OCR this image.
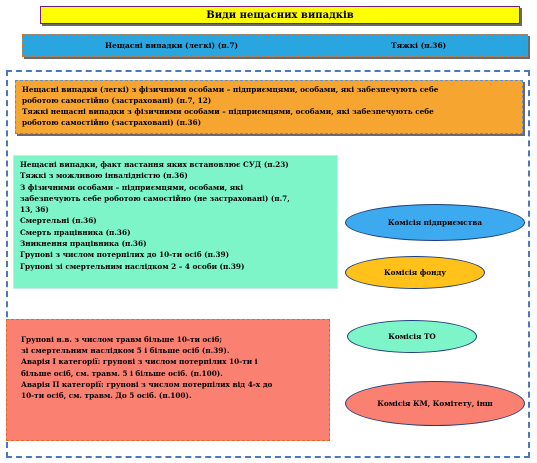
Види нещасних випадків
Нещасні випадки (легкі) (п.7)	Тяжкі (п.36)
Нещасні випадки (легкі) з фізичними особами – підприємцями, особами, які забезпечують себе
роботою самостійно (застраховані) (п.7, 12)
Тяжкі нещасні випадки з фізичними особами – підприємцями, особами, які забезпечують себе
роботою самостійно (застраховані) (п.36)
Нещасні випадки, факт настання яких встановлює СУД (п.23)
Тяжкі з можливою інвалідністю (п.36)
З фізичними особами – підприємцями, особами, які
забезпечують себе роботою самостійно (не застраховані) (п.7,
13, 36)
Смертельні (п.36)
Смерть працівника (п.36)
Зникнення працівника (п.36)
Групові з числом потерпілих до 10-ти осіб (п.39)
Групові зі смертельним наслідком 2 – 4 особи (п.39)
Групові н.в. з числом травм більше 10-ти осіб;
зі смертельним наслідком 5 і більше осіб (п.39).
Аварія І категорії: групові з числом потерпілих 10-ти і
більше осіб, см. травм. 5 і більше осіб. (п.100).
Аварія ІІ категорії: групові з числом потерпілих від 4-х до
10-ти осіб, см. травм. До 5 осіб. (п.100).
Комісія підприємства
Комісія фонду
Комісія ТО
Комісія КМ, Комітету, інш
